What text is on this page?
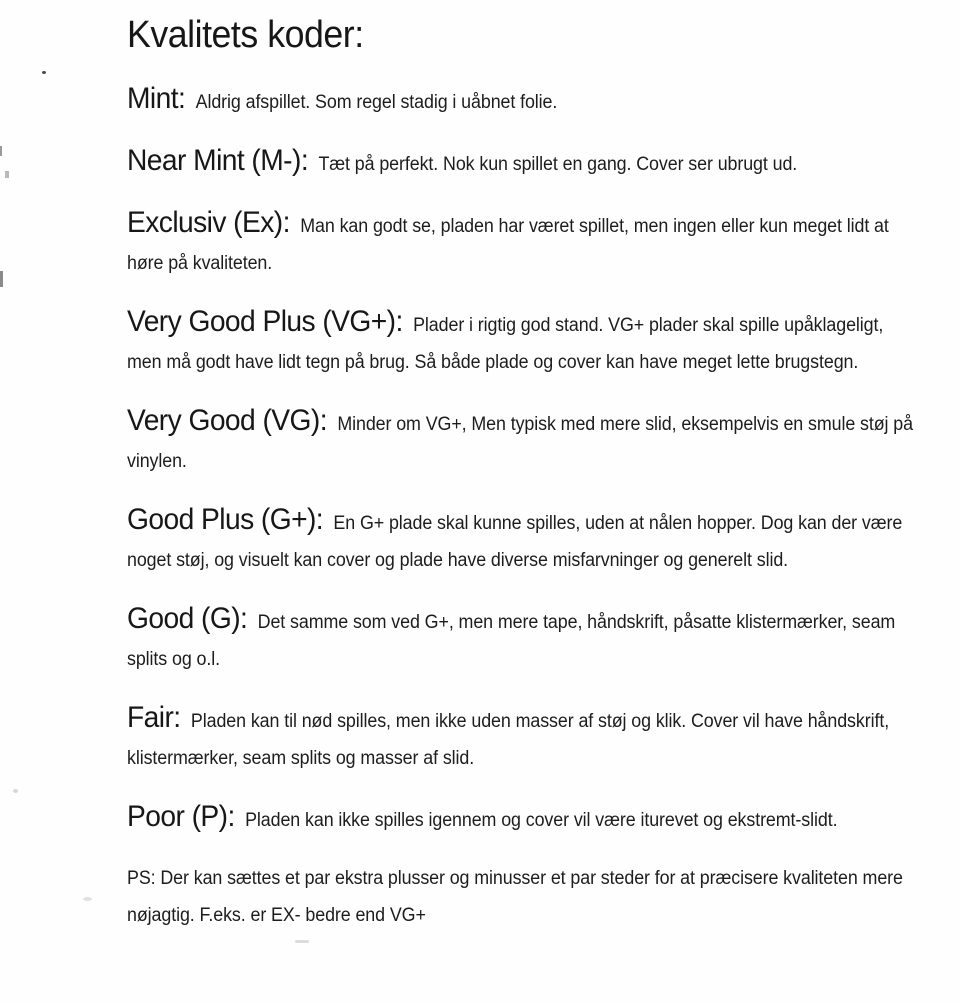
Kvalitets koder:

Mint: Aldrig afspillet. Som regel stadig i uåbnet folie.

Near Mint (M-): Tæt på perfekt. Nok kun spillet en gang. Cover ser ubrugt ud.

Exclusiv (Ex): Man kan godt se, pladen har været spillet, men ingen eller kun meget lidt at høre på kvaliteten.

Very Good Plus (VG+): Plader i rigtig god stand. VG+ plader skal spille upåklageligt, men må godt have lidt tegn på brug. Så både plade og cover kan have meget lette brugstegn.

Very Good (VG): Minder om VG+, Men typisk med mere slid, eksempelvis en smule støj på vinylen.

Good Plus (G+): En G+ plade skal kunne spilles, uden at nålen hopper. Dog kan der være noget støj, og visuelt kan cover og plade have diverse misfarvninger og generelt slid.

Good (G): Det samme som ved G+, men mere tape, håndskrift, påsatte klistermærker, seam splits og o.l.

Fair: Pladen kan til nød spilles, men ikke uden masser af støj og klik. Cover vil have håndskrift, klistermærker, seam splits og masser af slid.

Poor (P): Pladen kan ikke spilles igennem og cover vil være iturevet og ekstremt-slidt.

PS: Der kan sættes et par ekstra plusser og minusser et par steder for at præcisere kvaliteten mere nøjagtig. F.eks. er EX- bedre end VG+
